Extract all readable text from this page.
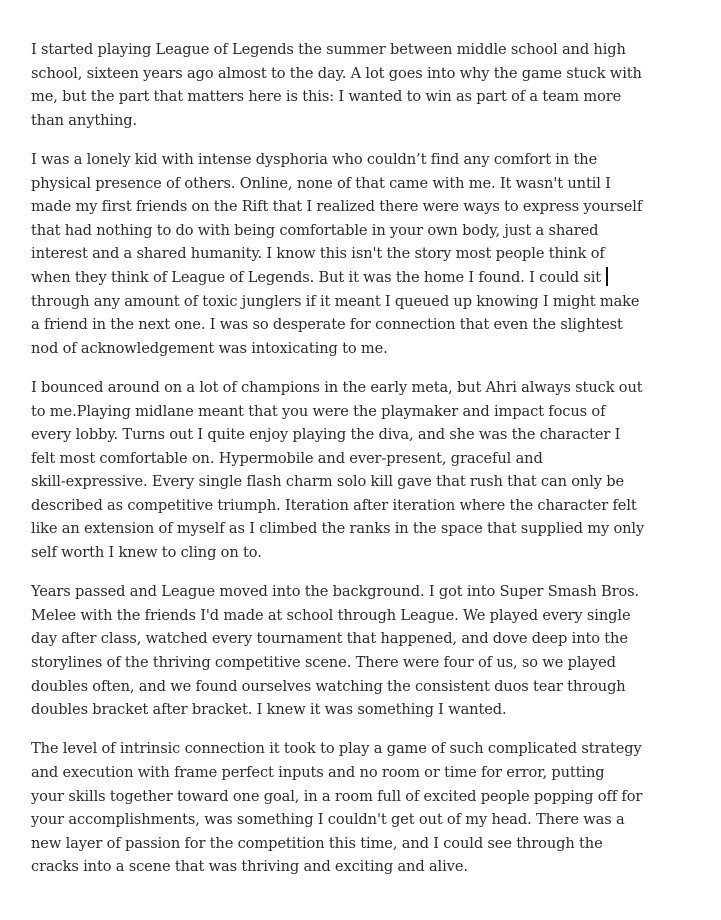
I started playing League of Legends the summer between middle school and high
school, sixteen years ago almost to the day. A lot goes into why the game stuck with
me, but the part that matters here is this: I wanted to win as part of a team more
than anything.

I was a lonely kid with intense dysphoria who couldn’t find any comfort in the
physical presence of others. Online, none of that came with me. It wasn't until I
made my first friends on the Rift that I realized there were ways to express yourself
that had nothing to do with being comfortable in your own body, just a shared
interest and a shared humanity. I know this isn't the story most people think of
when they think of League of Legends. But it was the home I found. I could sit
through any amount of toxic junglers if it meant I queued up knowing I might make
a friend in the next one. I was so desperate for connection that even the slightest
nod of acknowledgement was intoxicating to me.

I bounced around on a lot of champions in the early meta, but Ahri always stuck out
to me.Playing midlane meant that you were the playmaker and impact focus of
every lobby. Turns out I quite enjoy playing the diva, and she was the character I
felt most comfortable on. Hypermobile and ever-present, graceful and
skill-expressive. Every single flash charm solo kill gave that rush that can only be
described as competitive triumph. Iteration after iteration where the character felt
like an extension of myself as I climbed the ranks in the space that supplied my only
self worth I knew to cling on to.

Years passed and League moved into the background. I got into Super Smash Bros.
Melee with the friends I'd made at school through League. We played every single
day after class, watched every tournament that happened, and dove deep into the
storylines of the thriving competitive scene. There were four of us, so we played
doubles often, and we found ourselves watching the consistent duos tear through
doubles bracket after bracket. I knew it was something I wanted.

The level of intrinsic connection it took to play a game of such complicated strategy
and execution with frame perfect inputs and no room or time for error, putting
your skills together toward one goal, in a room full of excited people popping off for
your accomplishments, was something I couldn't get out of my head. There was a
new layer of passion for the competition this time, and I could see through the
cracks into a scene that was thriving and exciting and alive.
